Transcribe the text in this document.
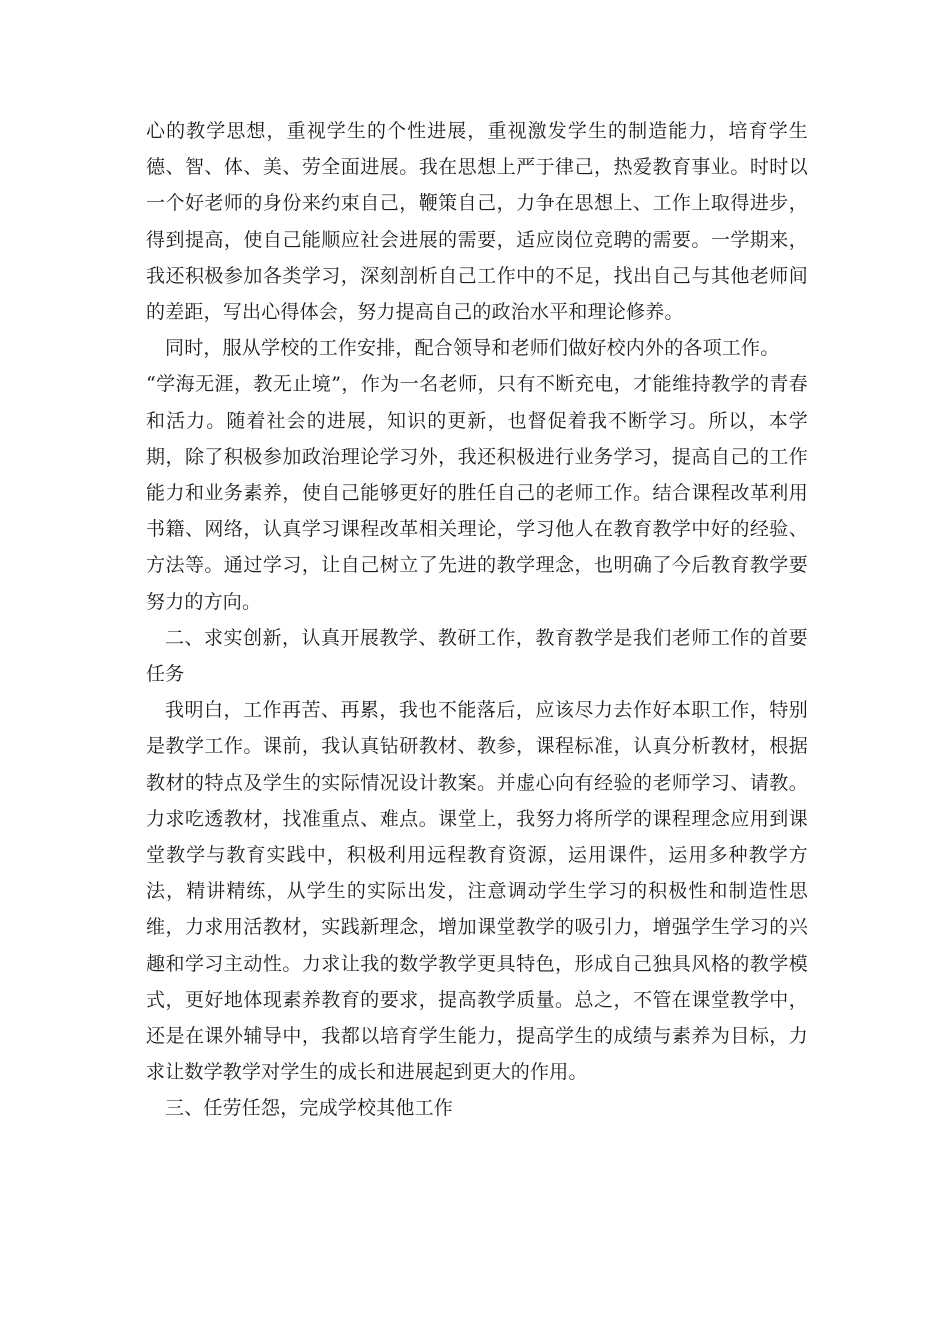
心的教学思想，重视学生的个性进展，重视激发学生的制造能力，培育学生德、智、体、美、劳全面进展。我在思想上严于律己，热爱教育事业。时时以一个好老师的身份来约束自己，鞭策自己，力争在思想上、工作上取得进步，得到提高，使自己能顺应社会进展的需要，适应岗位竞聘的需要。一学期来，我还积极参加各类学习，深刻剖析自己工作中的不足，找出自己与其他老师间的差距，写出心得体会，努力提高自己的政治水平和理论修养。

同时，服从学校的工作安排，配合领导和老师们做好校内外的各项工作。

“学海无涯，教无止境”，作为一名老师，只有不断充电，才能维持教学的青春和活力。随着社会的进展，知识的更新，也督促着我不断学习。所以，本学期，除了积极参加政治理论学习外，我还积极进行业务学习，提高自己的工作能力和业务素养，使自己能够更好的胜任自己的老师工作。结合课程改革利用书籍、网络，认真学习课程改革相关理论，学习他人在教育教学中好的经验、方法等。通过学习，让自己树立了先进的教学理念，也明确了今后教育教学要努力的方向。

二、求实创新，认真开展教学、教研工作，教育教学是我们老师工作的首要任务

我明白，工作再苦、再累，我也不能落后，应该尽力去作好本职工作，特别是教学工作。课前，我认真钻研教材、教参，课程标准，认真分析教材，根据教材的特点及学生的实际情况设计教案。并虚心向有经验的老师学习、请教。力求吃透教材，找准重点、难点。课堂上，我努力将所学的课程理念应用到课堂教学与教育实践中，积极利用远程教育资源，运用课件，运用多种教学方法，精讲精练，从学生的实际出发，注意调动学生学习的积极性和制造性思维，力求用活教材，实践新理念，增加课堂教学的吸引力，增强学生学习的兴趣和学习主动性。力求让我的数学教学更具特色，形成自己独具风格的教学模式，更好地体现素养教育的要求，提高教学质量。总之，不管在课堂教学中，还是在课外辅导中，我都以培育学生能力，提高学生的成绩与素养为目标，力求让数学教学对学生的成长和进展起到更大的作用。

三、任劳任怨，完成学校其他工作
